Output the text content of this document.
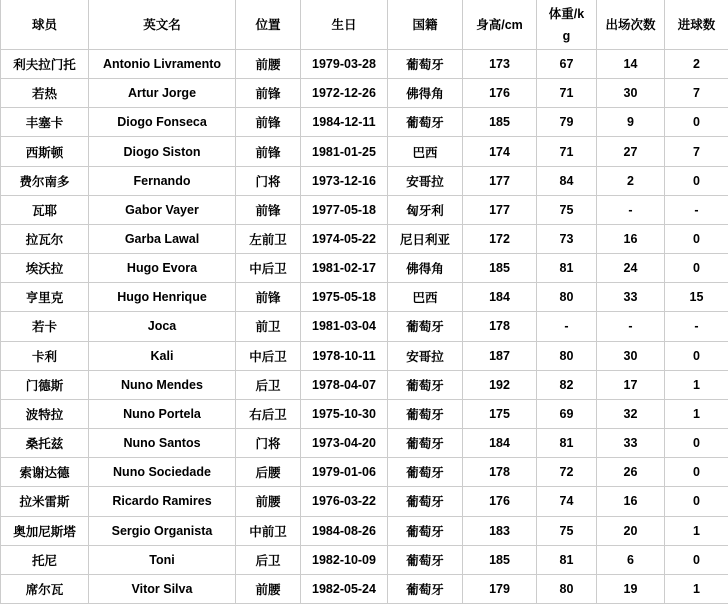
球员	英文名	位置	生日	国籍	身高/cm	体重/kg	出场次数	进球数
利夫拉门托	Antonio Livramento	前腰	1979-03-28	葡萄牙	173	67	14	2
若热	Artur Jorge	前锋	1972-12-26	佛得角	176	71	30	7
丰塞卡	Diogo Fonseca	前锋	1984-12-11	葡萄牙	185	79	9	0
西斯顿	Diogo Siston	前锋	1981-01-25	巴西	174	71	27	7
费尔南多	Fernando	门将	1973-12-16	安哥拉	177	84	2	0
瓦耶	Gabor Vayer	前锋	1977-05-18	匈牙利	177	75	-	-
拉瓦尔	Garba Lawal	左前卫	1974-05-22	尼日利亚	172	73	16	0
埃沃拉	Hugo Evora	中后卫	1981-02-17	佛得角	185	81	24	0
亨里克	Hugo Henrique	前锋	1975-05-18	巴西	184	80	33	15
若卡	Joca	前卫	1981-03-04	葡萄牙	178	-	-	-
卡利	Kali	中后卫	1978-10-11	安哥拉	187	80	30	0
门德斯	Nuno Mendes	后卫	1978-04-07	葡萄牙	192	82	17	1
波特拉	Nuno Portela	右后卫	1975-10-30	葡萄牙	175	69	32	1
桑托兹	Nuno Santos	门将	1973-04-20	葡萄牙	184	81	33	0
索谢达德	Nuno Sociedade	后腰	1979-01-06	葡萄牙	178	72	26	0
拉米雷斯	Ricardo Ramires	前腰	1976-03-22	葡萄牙	176	74	16	0
奥加尼斯塔	Sergio Organista	中前卫	1984-08-26	葡萄牙	183	75	20	1
托尼	Toni	后卫	1982-10-09	葡萄牙	185	81	6	0
席尔瓦	Vitor Silva	前腰	1982-05-24	葡萄牙	179	80	19	1
